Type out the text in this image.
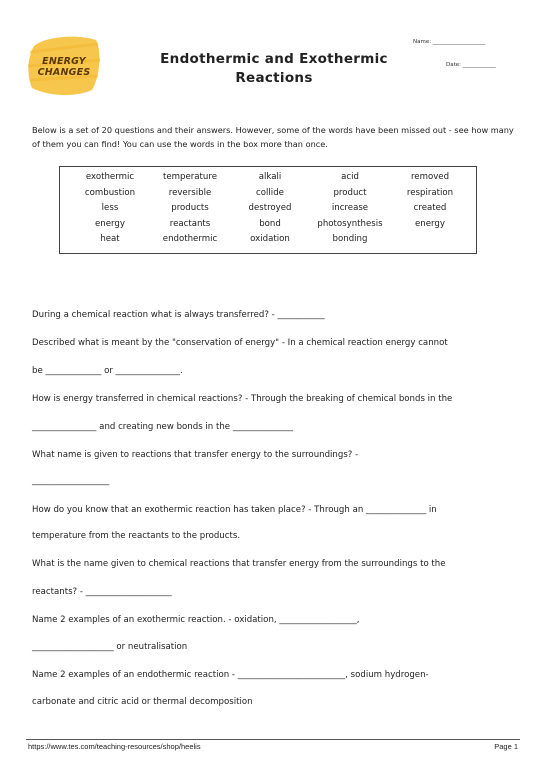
ENERGY CHANGES
Endothermic and Exothermic Reactions
Name: ___________________
Date: ____________
Below is a set of 20 questions and their answers. However, some of the words have been missed out - see how many of them you can find! You can use the words in the box more than once.
exothermic	temperature	alkali	acid	removed
combustion	reversible	collide	product	respiration
less	products	destroyed	increase	created
energy	reactants	bond	photosynthesis	energy
heat	endothermic	oxidation	bonding
During a chemical reaction what is always transferred? - ___________
Described what is meant by the "conservation of energy" - In a chemical reaction energy cannot
be _____________ or _______________.
How is energy transferred in chemical reactions? - Through the breaking of chemical bonds in the
_______________ and creating new bonds in the ______________
What name is given to reactions that transfer energy to the surroundings? -
__________________
How do you know that an exothermic reaction has taken place? - Through an ______________ in
temperature from the reactants to the products.
What is the name given to chemical reactions that transfer energy from the surroundings to the
reactants? - ____________________
Name 2 examples of an exothermic reaction. - oxidation, __________________,
___________________ or neutralisation
Name 2 examples of an endothermic reaction - _________________________, sodium hydrogen-
carbonate and citric acid or thermal decomposition
https://www.tes.com/teaching-resources/shop/heelis	Page 1
